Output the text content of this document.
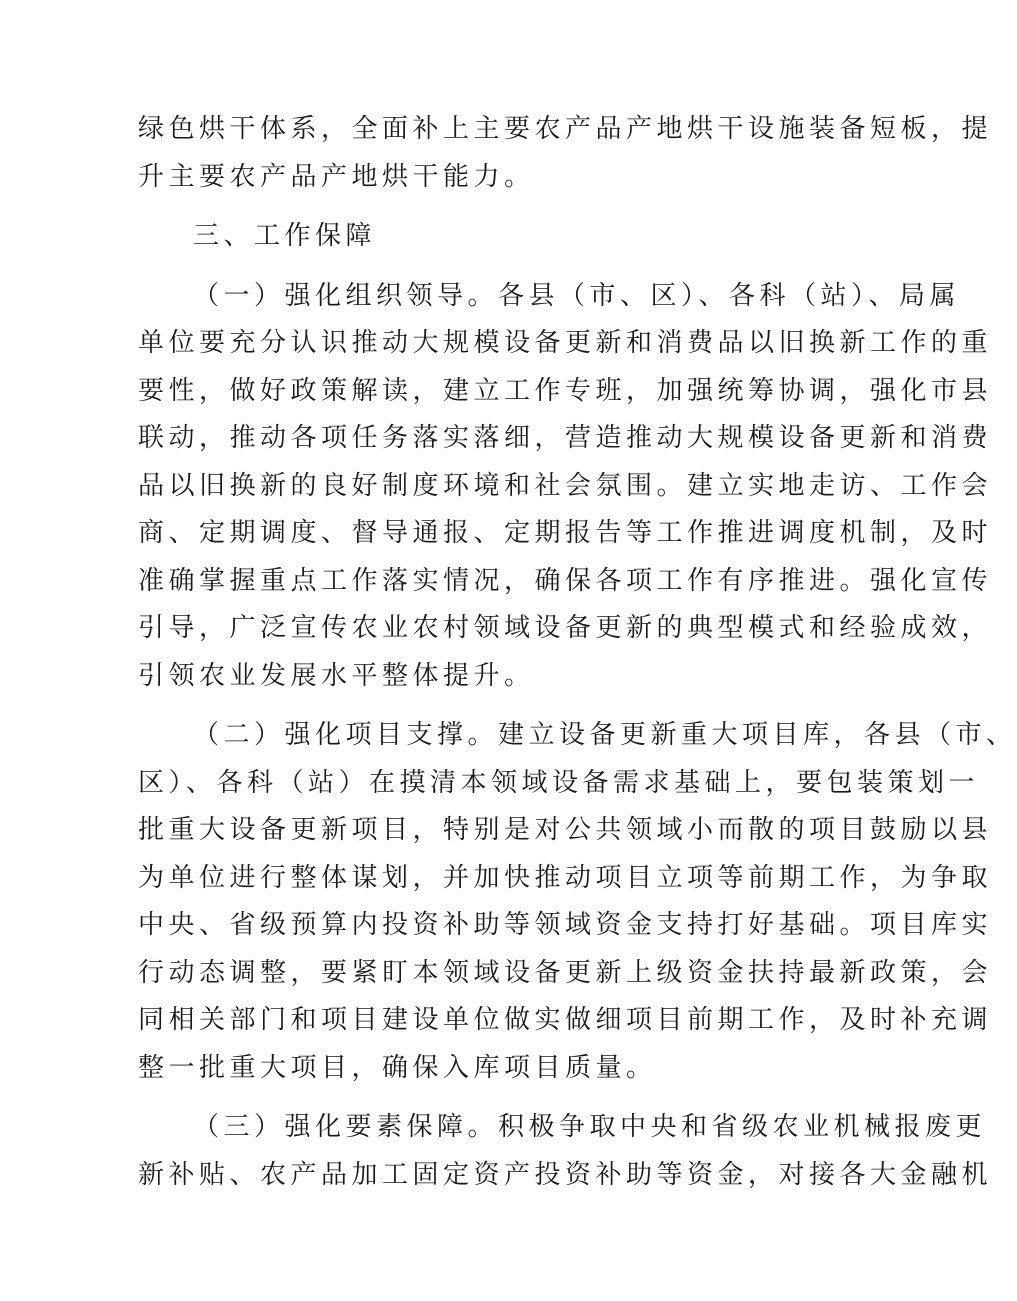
绿色烘干体系，全面补上主要农产品产地烘干设施装备短板，提
升主要农产品产地烘干能力。

三、工作保障

（一）强化组织领导。各县（市、区）、各科（站）、局属
单位要充分认识推动大规模设备更新和消费品以旧换新工作的重
要性，做好政策解读，建立工作专班，加强统筹协调，强化市县
联动，推动各项任务落实落细，营造推动大规模设备更新和消费
品以旧换新的良好制度环境和社会氛围。建立实地走访、工作会
商、定期调度、督导通报、定期报告等工作推进调度机制，及时
准确掌握重点工作落实情况，确保各项工作有序推进。强化宣传
引导，广泛宣传农业农村领域设备更新的典型模式和经验成效，
引领农业发展水平整体提升。

（二）强化项目支撑。建立设备更新重大项目库，各县（市、
区）、各科（站）在摸清本领域设备需求基础上，要包装策划一
批重大设备更新项目，特别是对公共领域小而散的项目鼓励以县
为单位进行整体谋划，并加快推动项目立项等前期工作，为争取
中央、省级预算内投资补助等领域资金支持打好基础。项目库实
行动态调整，要紧盯本领域设备更新上级资金扶持最新政策，会
同相关部门和项目建设单位做实做细项目前期工作，及时补充调
整一批重大项目，确保入库项目质量。

（三）强化要素保障。积极争取中央和省级农业机械报废更
新补贴、农产品加工固定资产投资补助等资金，对接各大金融机
